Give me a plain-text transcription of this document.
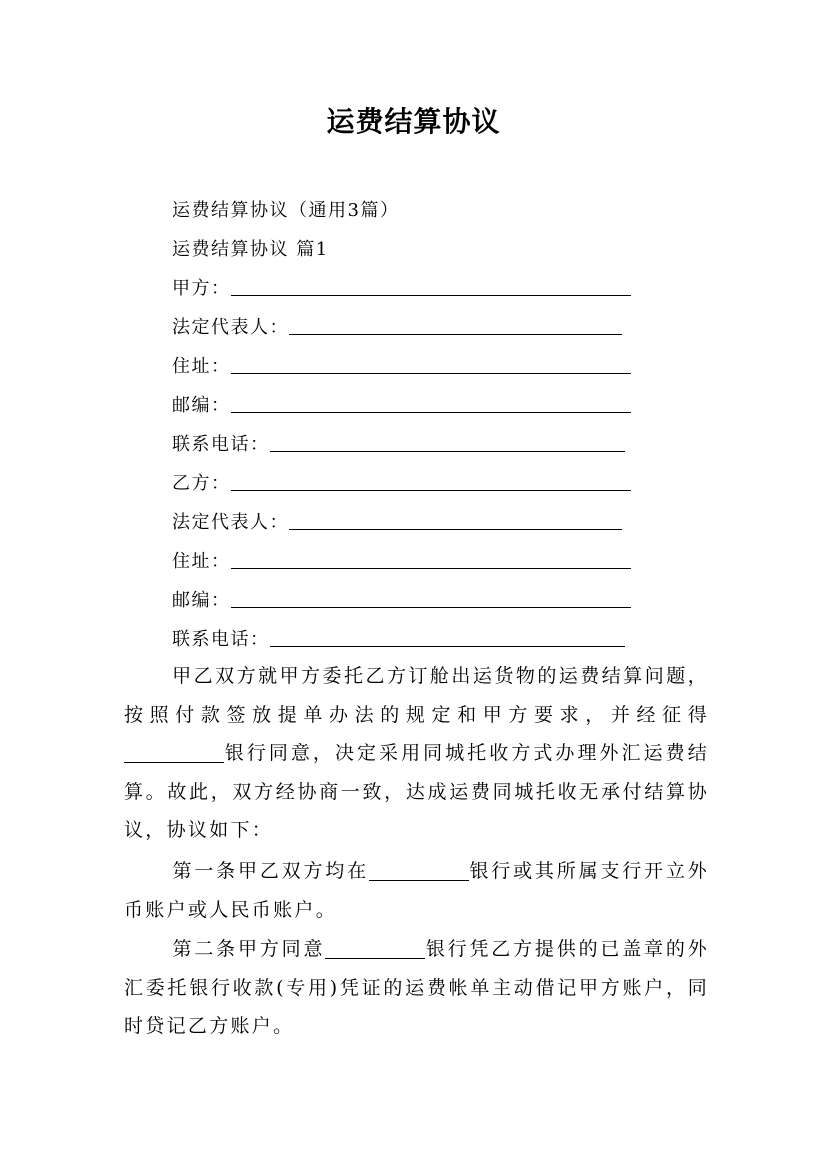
运费结算协议
运费结算协议（通用3篇）
运费结算协议 篇1
甲方：
法定代表人：
住址：
邮编：
联系电话：
乙方：
法定代表人：
住址：
邮编：
联系电话：
甲乙双方就甲方委托乙方订舱出运货物的运费结算问题，按照付款签放提单办法的规定和甲方要求，并经征得银行同意，决定采用同城托收方式办理外汇运费结算。故此，双方经协商一致，达成运费同城托收无承付结算协议，协议如下：
第一条甲乙双方均在	银行或其所属支行开立外币账户或人民币账户。
第二条甲方同意	银行凭乙方提供的已盖章的外汇委托银行收款(专用)凭证的运费帐单主动借记甲方账户，同时贷记乙方账户。
